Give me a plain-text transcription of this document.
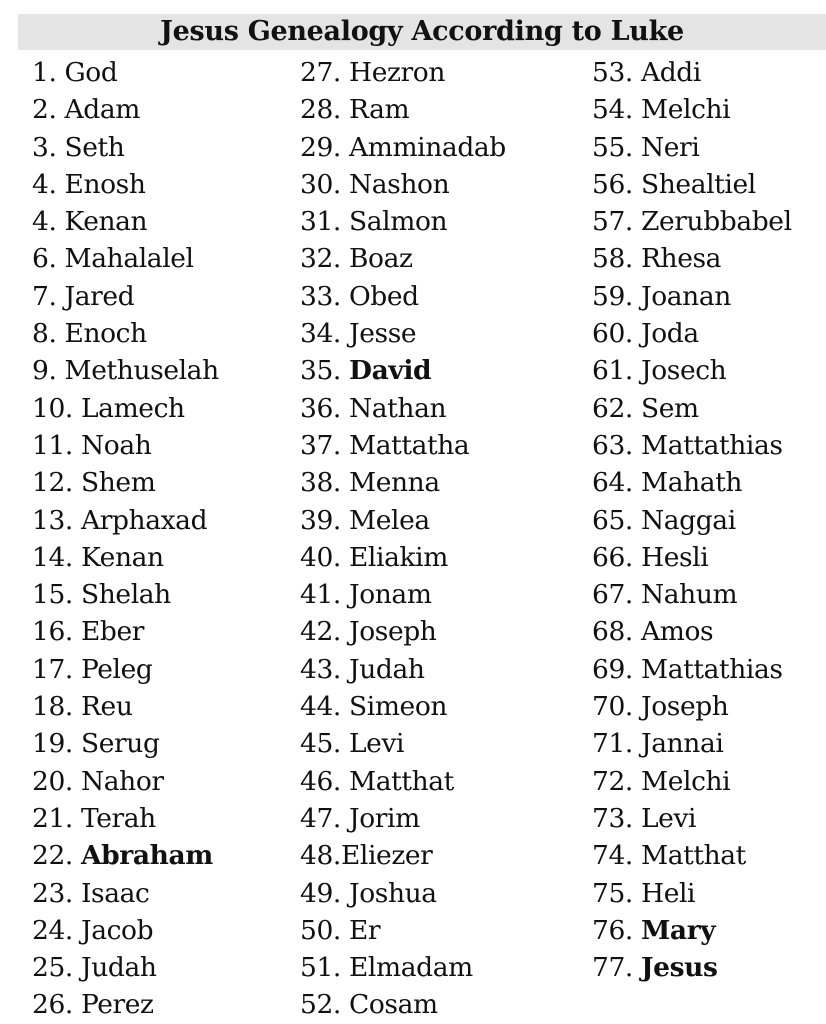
Jesus Genealogy According to Luke
1. God
2. Adam
3. Seth
4. Enosh
4. Kenan
6. Mahalalel
7. Jared
8. Enoch
9. Methuselah
10. Lamech
11. Noah
12. Shem
13. Arphaxad
14. Kenan
15. Shelah
16. Eber
17. Peleg
18. Reu
19. Serug
20. Nahor
21. Terah
22. Abraham
23. Isaac
24. Jacob
25. Judah
26. Perez
27. Hezron
28. Ram
29. Amminadab
30. Nashon
31. Salmon
32. Boaz
33. Obed
34. Jesse
35. David
36. Nathan
37. Mattatha
38. Menna
39. Melea
40. Eliakim
41. Jonam
42. Joseph
43. Judah
44. Simeon
45. Levi
46. Matthat
47. Jorim
48.Eliezer
49. Joshua
50. Er
51. Elmadam
52. Cosam
53. Addi
54. Melchi
55. Neri
56. Shealtiel
57. Zerubbabel
58. Rhesa
59. Joanan
60. Joda
61. Josech
62. Sem
63. Mattathias
64. Mahath
65. Naggai
66. Hesli
67. Nahum
68. Amos
69. Mattathias
70. Joseph
71. Jannai
72. Melchi
73. Levi
74. Matthat
75. Heli
76. Mary
77. Jesus
